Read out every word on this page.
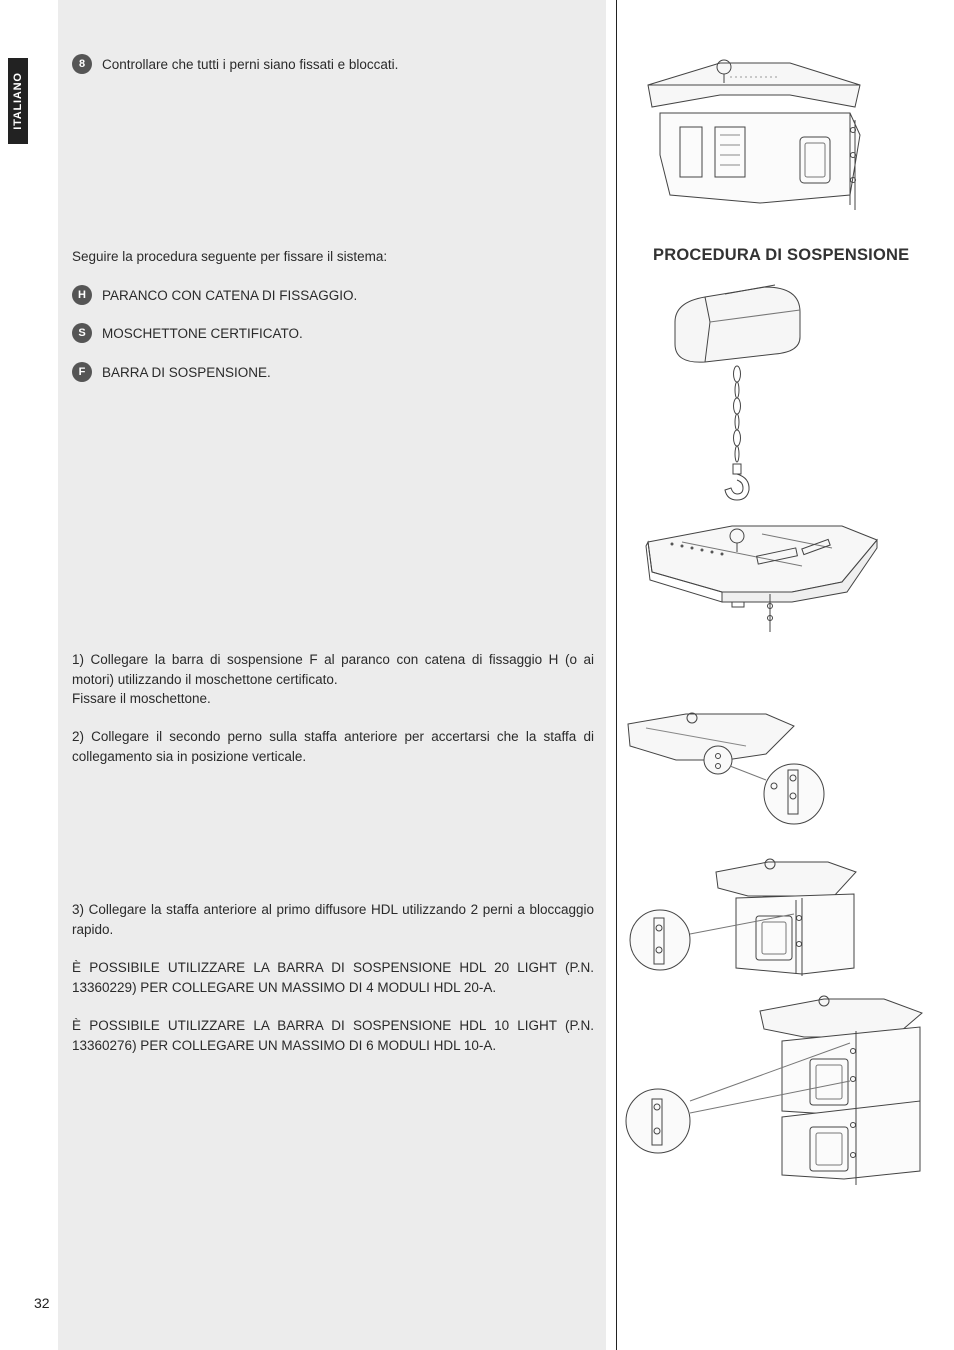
ITALIANO
32
8	Controllare che tutti i perni siano fissati e bloccati.
Seguire la procedura seguente per fissare il sistema:
H	PARANCO CON CATENA DI FISSAGGIO.
S	MOSCHETTONE CERTIFICATO.
F	BARRA DI SOSPENSIONE.

1) Collegare la barra di sospensione F al paranco con catena di fissaggio H (o ai motori) utilizzando il moschettone certificato.

Fissare il moschettone.

2) Collegare il secondo perno sulla staffa anteriore per accertarsi che la staffa di collegamento sia in posizione verticale.

3) Collegare la staffa anteriore al primo diffusore HDL utilizzando 2 perni a bloccaggio rapido.

È POSSIBILE UTILIZZARE LA BARRA DI SOSPENSIONE HDL 20 LIGHT (P.N. 13360229) PER COLLEGARE UN MASSIMO DI 4 MODULI HDL 20-A.

È POSSIBILE UTILIZZARE LA BARRA DI SOSPENSIONE HDL 10 LIGHT (P.N. 13360276) PER COLLEGARE UN MASSIMO DI 6 MODULI HDL 10-A.

PROCEDURA DI SOSPENSIONE
